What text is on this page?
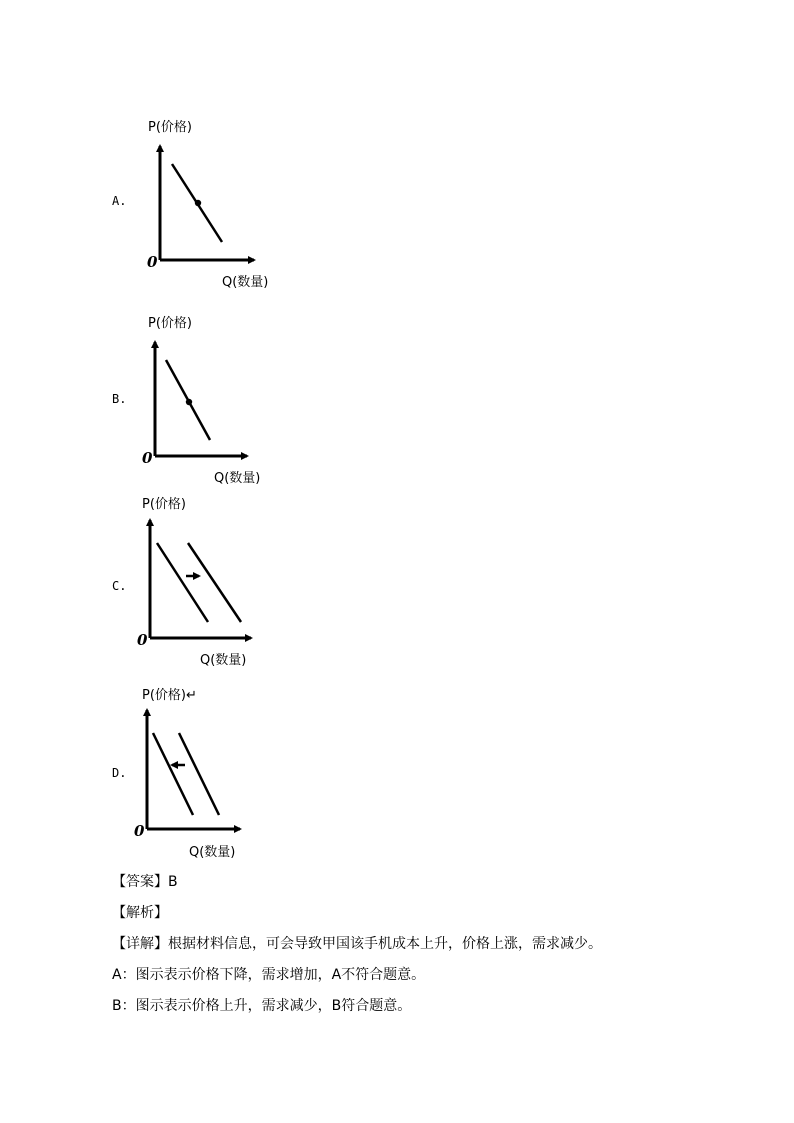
A.
B.
C.
D.
P(价格)
0
Q(数量)
P(价格)
0
Q(数量)
P(价格)
0
Q(数量)
P(价格)↵
0
Q(数量)
【答案】B
【解析】
【详解】根据材料信息，可会导致甲国该手机成本上升，价格上涨，需求减少。
A：图示表示价格下降，需求增加，A不符合题意。
B：图示表示价格上升，需求减少，B符合题意。
